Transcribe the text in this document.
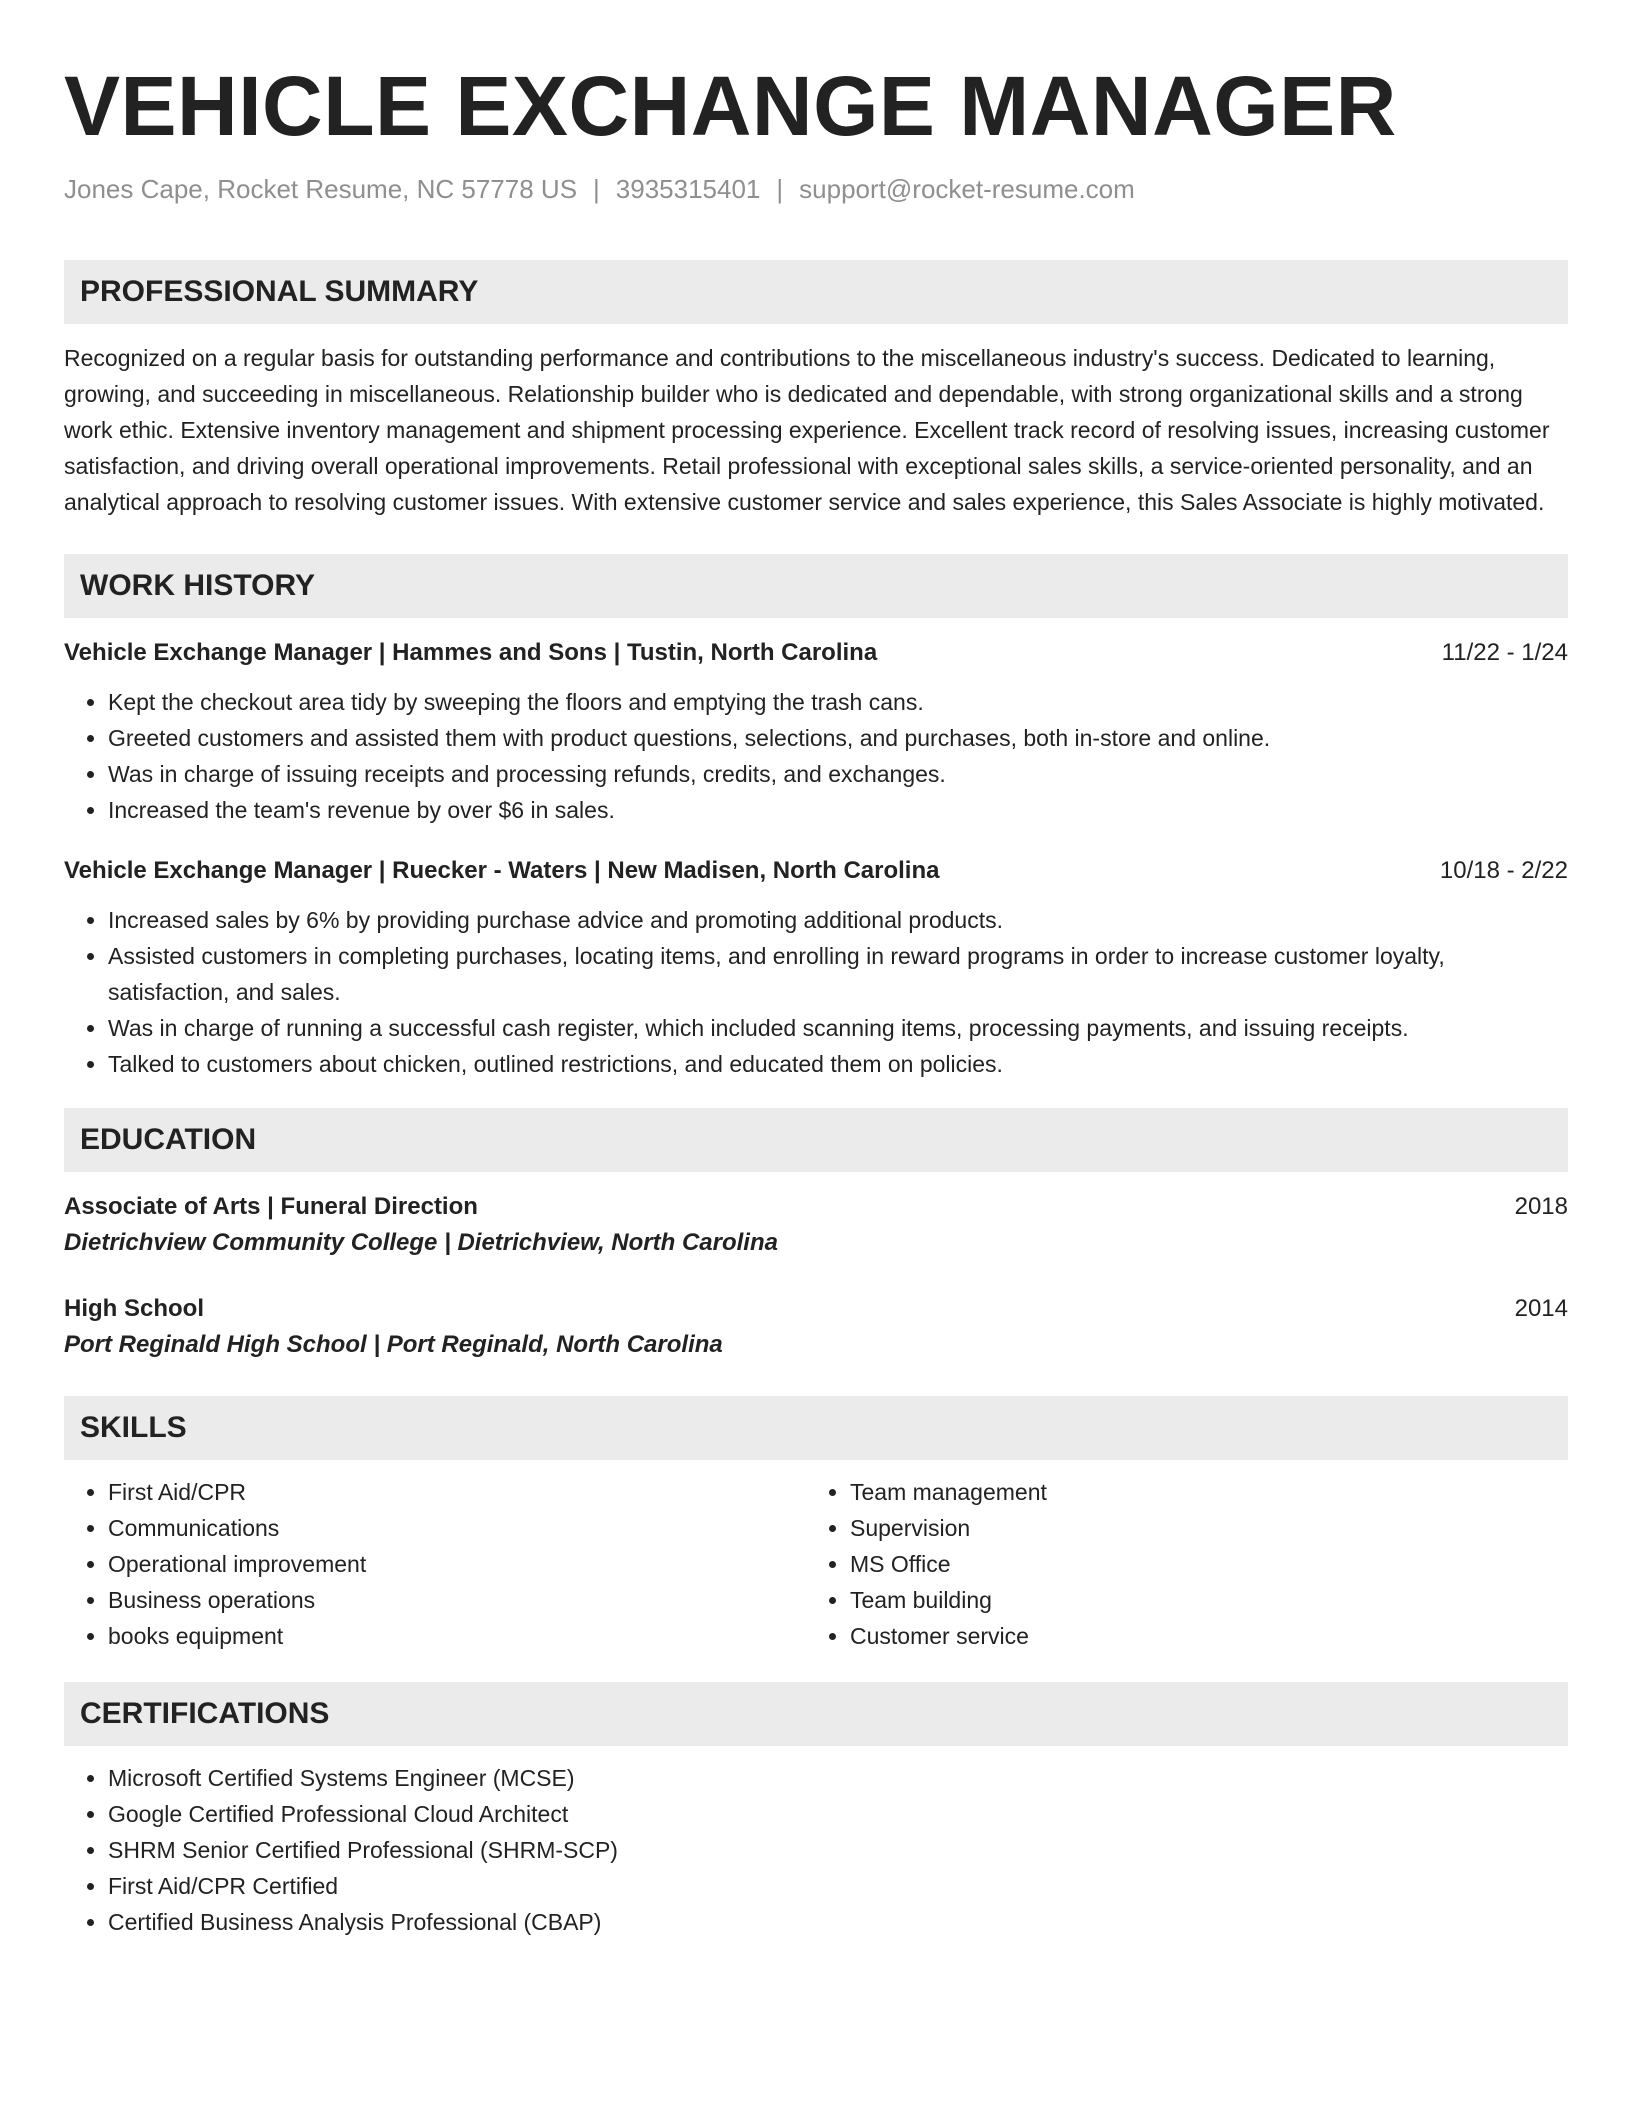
VEHICLE EXCHANGE MANAGER
Jones Cape, Rocket Resume, NC 57778 US | 3935315401 | support@rocket-resume.com
PROFESSIONAL SUMMARY
Recognized on a regular basis for outstanding performance and contributions to the miscellaneous industry's success. Dedicated to learning, growing, and succeeding in miscellaneous. Relationship builder who is dedicated and dependable, with strong organizational skills and a strong work ethic. Extensive inventory management and shipment processing experience. Excellent track record of resolving issues, increasing customer satisfaction, and driving overall operational improvements. Retail professional with exceptional sales skills, a service-oriented personality, and an analytical approach to resolving customer issues. With extensive customer service and sales experience, this Sales Associate is highly motivated.
WORK HISTORY
Vehicle Exchange Manager | Hammes and Sons | Tustin, North Carolina	11/22 - 1/24
• Kept the checkout area tidy by sweeping the floors and emptying the trash cans.
• Greeted customers and assisted them with product questions, selections, and purchases, both in-store and online.
• Was in charge of issuing receipts and processing refunds, credits, and exchanges.
• Increased the team's revenue by over $6 in sales.
Vehicle Exchange Manager | Ruecker - Waters | New Madisen, North Carolina	10/18 - 2/22
• Increased sales by 6% by providing purchase advice and promoting additional products.
• Assisted customers in completing purchases, locating items, and enrolling in reward programs in order to increase customer loyalty, satisfaction, and sales.
• Was in charge of running a successful cash register, which included scanning items, processing payments, and issuing receipts.
• Talked to customers about chicken, outlined restrictions, and educated them on policies.
EDUCATION
Associate of Arts | Funeral Direction	2018
Dietrichview Community College | Dietrichview, North Carolina
High School	2014
Port Reginald High School | Port Reginald, North Carolina
SKILLS
• First Aid/CPR
• Communications
• Operational improvement
• Business operations
• books equipment
• Team management
• Supervision
• MS Office
• Team building
• Customer service
CERTIFICATIONS
• Microsoft Certified Systems Engineer (MCSE)
• Google Certified Professional Cloud Architect
• SHRM Senior Certified Professional (SHRM-SCP)
• First Aid/CPR Certified
• Certified Business Analysis Professional (CBAP)
